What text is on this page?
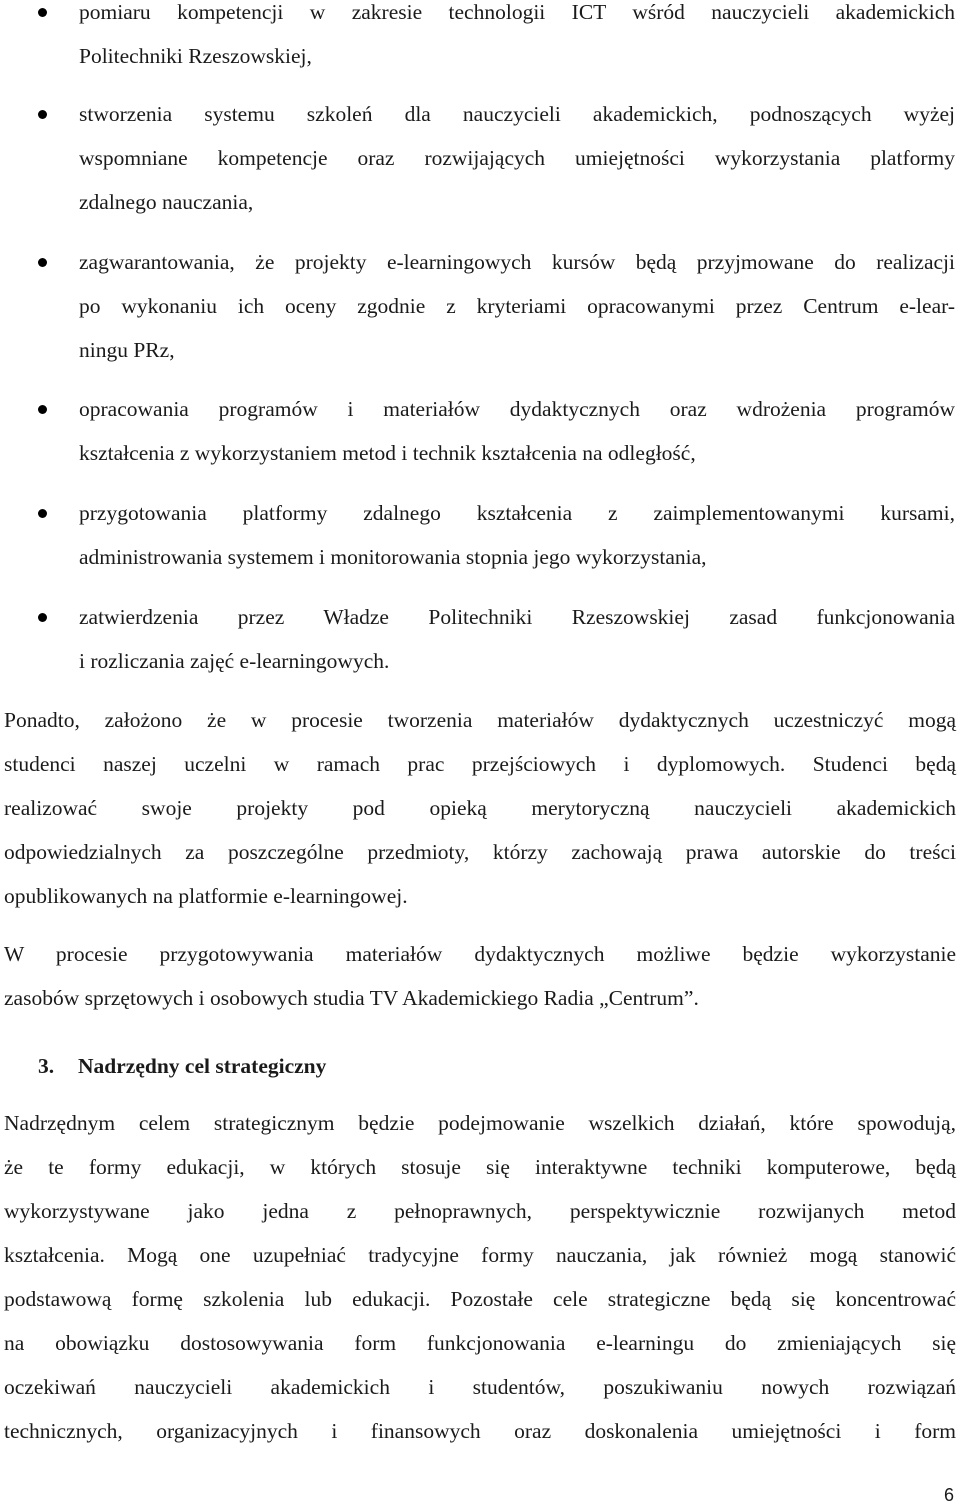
pomiaru kompetencji w zakresie technologii ICT wśród nauczycieli akademickich
Politechniki Rzeszowskiej,
stworzenia systemu szkoleń dla nauczycieli akademickich, podnoszących wyżej
wspomniane kompetencje oraz rozwijających umiejętności wykorzystania platformy
zdalnego nauczania,
zagwarantowania, że projekty e-learningowych kursów będą przyjmowane do realizacji
po wykonaniu ich oceny zgodnie z kryteriami opracowanymi przez Centrum e-lear-
ningu PRz,
opracowania programów i materiałów dydaktycznych oraz wdrożenia programów
kształcenia z wykorzystaniem metod i technik kształcenia na odległość,
przygotowania platformy zdalnego kształcenia z zaimplementowanymi kursami,
administrowania systemem i monitorowania stopnia jego wykorzystania,
zatwierdzenia przez Władze Politechniki Rzeszowskiej zasad funkcjonowania
i rozliczania zajęć e-learningowych.
Ponadto, założono że w procesie tworzenia materiałów dydaktycznych uczestniczyć mogą
studenci naszej uczelni w ramach prac przejściowych i dyplomowych. Studenci będą
realizować swoje projekty pod opieką merytoryczną nauczycieli akademickich
odpowiedzialnych za poszczególne przedmioty, którzy zachowają prawa autorskie do treści
opublikowanych na platformie e-learningowej.
W procesie przygotowywania materiałów dydaktycznych możliwe będzie wykorzystanie
zasobów sprzętowych i osobowych studia TV Akademickiego Radia „Centrum”.
3. Nadrzędny cel strategiczny
Nadrzędnym celem strategicznym będzie podejmowanie wszelkich działań, które spowodują,
że te formy edukacji, w których stosuje się interaktywne techniki komputerowe, będą
wykorzystywane jako jedna z pełnoprawnych, perspektywicznie rozwijanych metod
kształcenia. Mogą one uzupełniać tradycyjne formy nauczania, jak również mogą stanowić
podstawową formę szkolenia lub edukacji. Pozostałe cele strategiczne będą się koncentrować
na obowiązku dostosowywania form funkcjonowania e-learningu do zmieniających się
oczekiwań nauczycieli akademickich i studentów, poszukiwaniu nowych rozwiązań
technicznych, organizacyjnych i finansowych oraz doskonalenia umiejętności i form
6
